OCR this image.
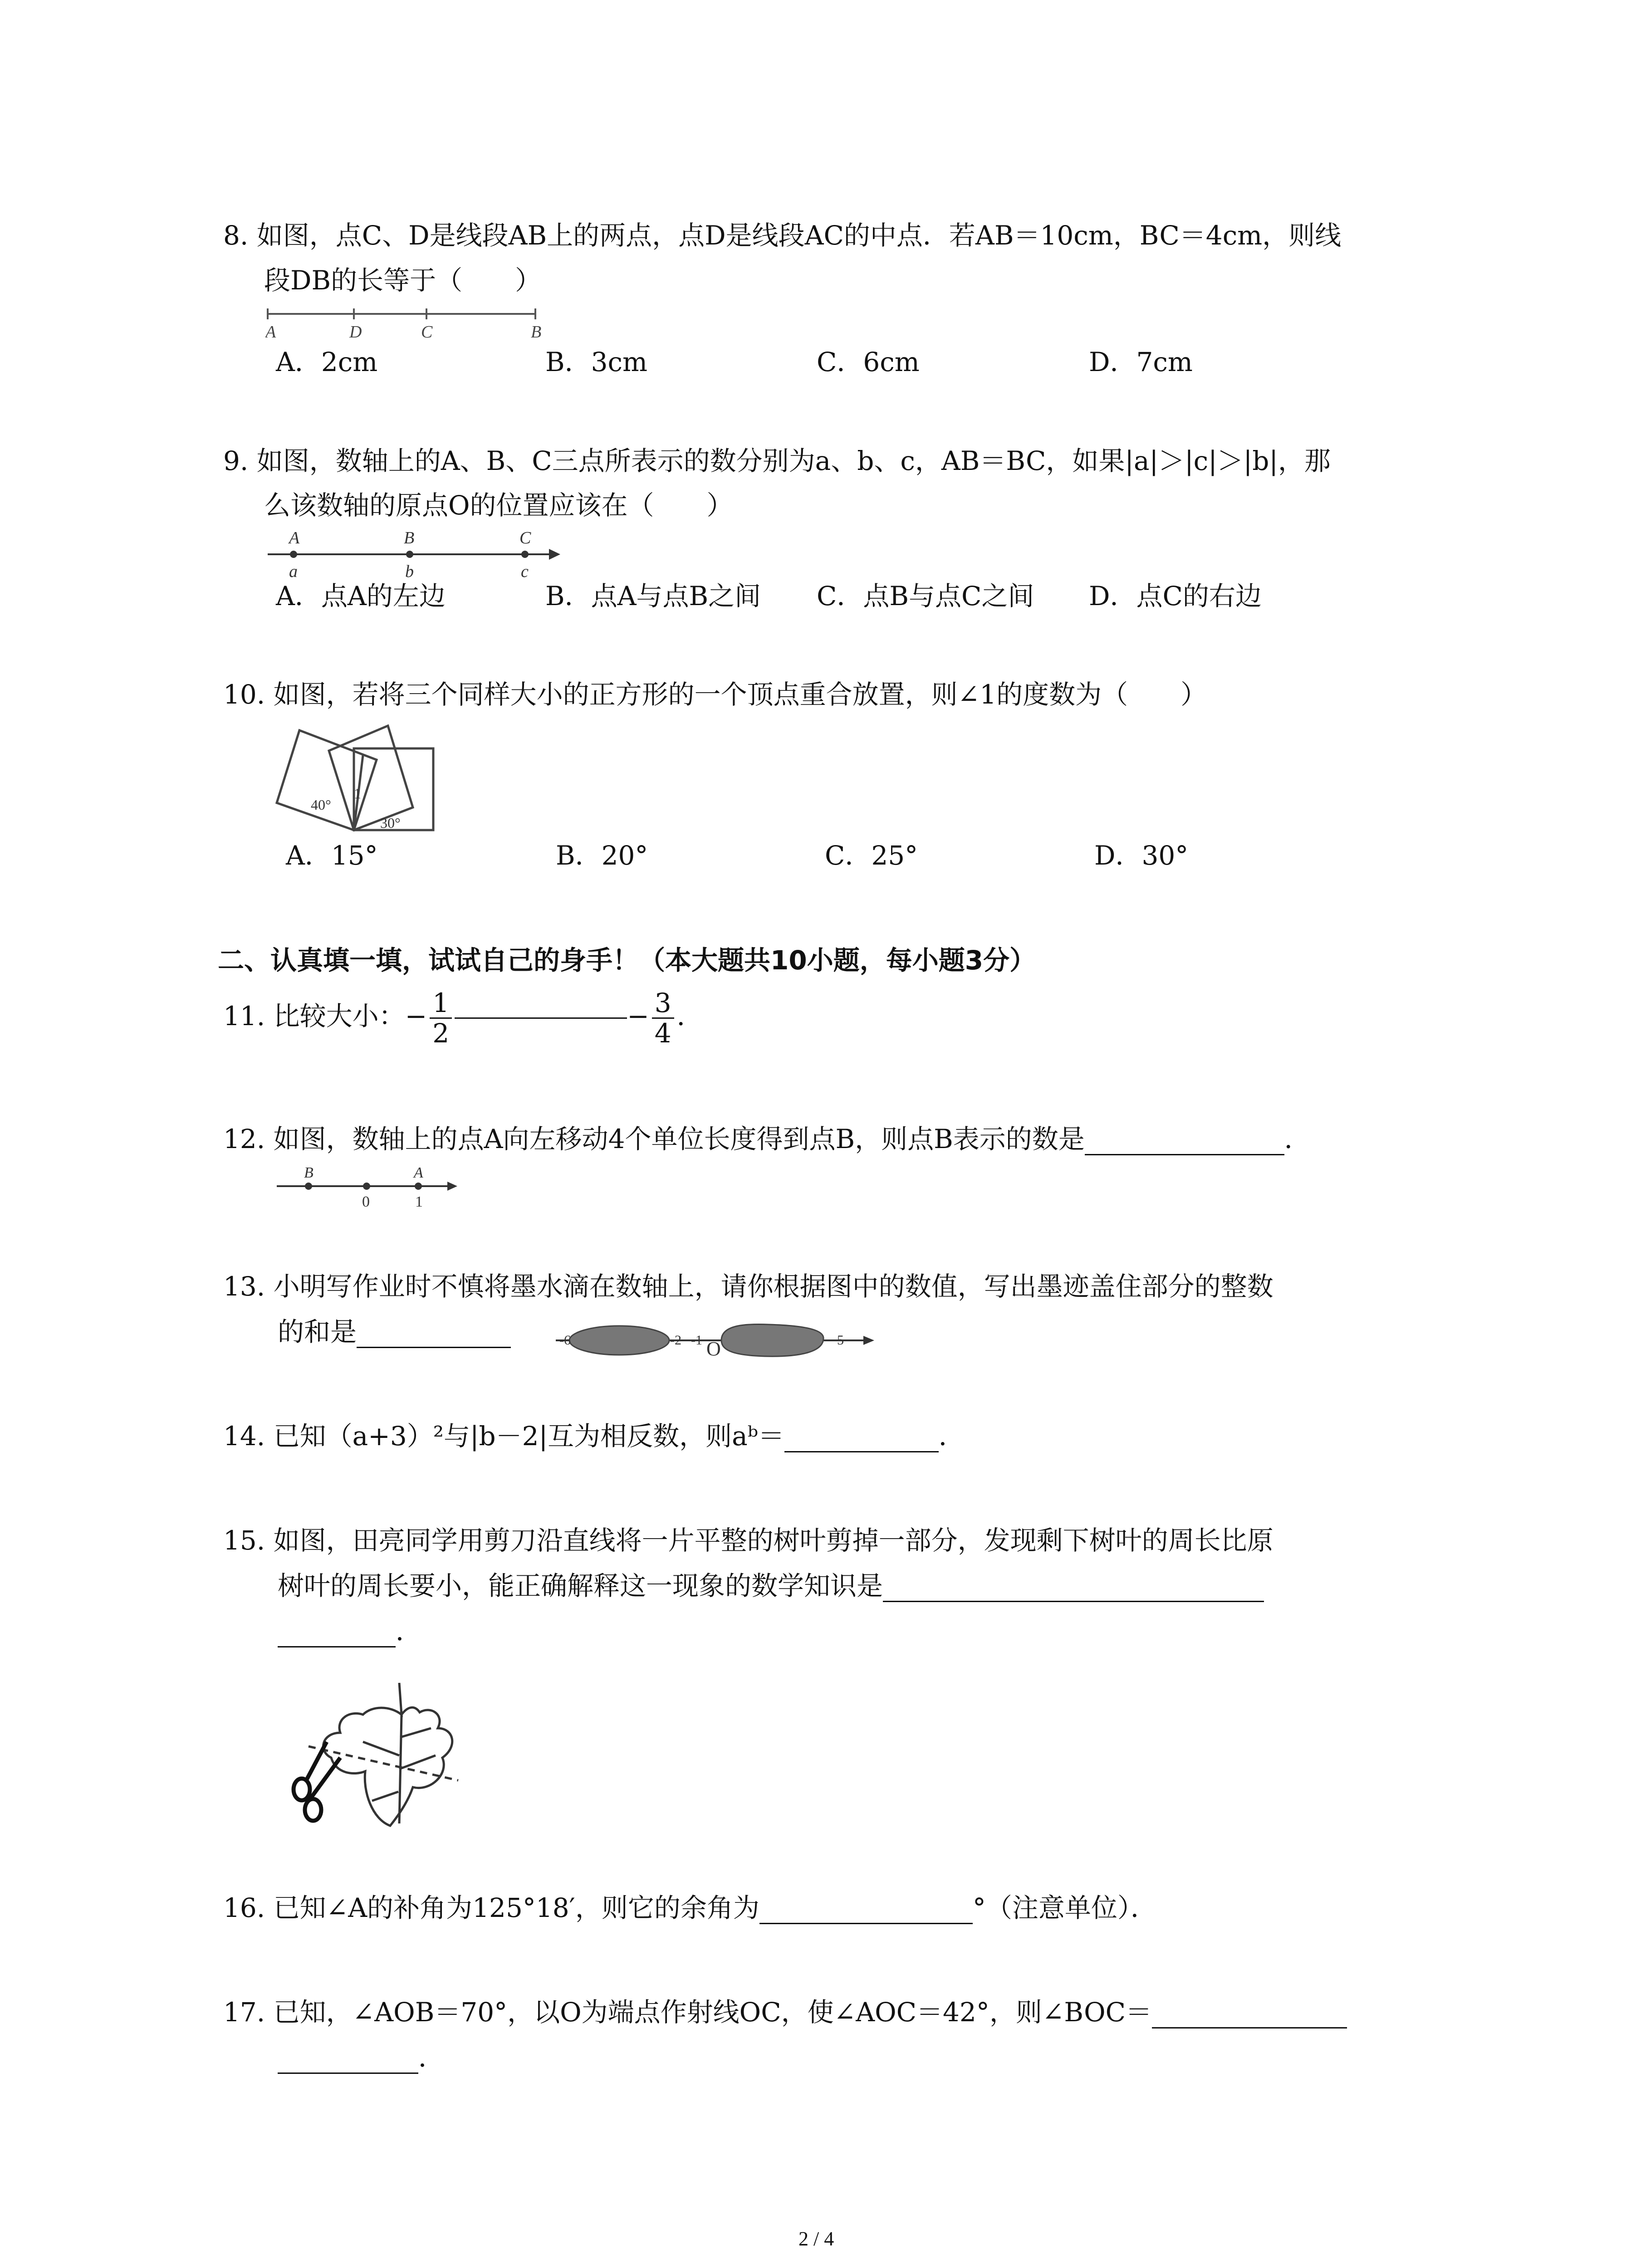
8. 如图，点C、D是线段AB上的两点，点D是线段AC的中点．若AB＝10cm，BC＝4cm，则线
段DB的长等于（　　）
A	D	C	B
A．2cm	B．3cm	C．6cm	D．7cm
9. 如图，数轴上的A、B、C三点所表示的数分别为a、b、c，AB＝BC，如果|a|＞|c|＞|b|，那
么该数轴的原点O的位置应该在（　　）
A	B	C
a	b	c
A．点A的左边	B．点A与点B之间 C．点B与点C之间 D．点C的右边
10. 如图，若将三个同样大小的正方形的一个顶点重合放置，则∠1的度数为（　　）
40°
1
30°
A．15°	B．20°	C．25°	D．30°
二、认真填一填，试试自己的身手！（本大题共10小题，每小题3分）
11. 比较大小：− $\frac{1}{2}$	− $\frac{3}{4}$ ．
12. 如图，数轴上的点A向左移动4个单位长度得到点B，则点B表示的数是	．
B	A
0	1
13. 小明写作业时不慎将墨水滴在数轴上，请你根据图中的数值，写出墨迹盖住部分的整数
的和是	-6	-2 -1 O	5
14. 已知（a+3）²与|b－2|互为相反数，则aᵇ＝	．
15. 如图，田亮同学用剪刀沿直线将一片平整的树叶剪掉一部分，发现剩下树叶的周长比原
树叶的周长要小，能正确解释这一现象的数学知识是
．
16. 已知∠A的补角为125°18′，则它的余角为	°（注意单位）．
17. 已知，∠AOB＝70°，以O为端点作射线OC，使∠AOC＝42°，则∠BOC＝
．
2 / 4
